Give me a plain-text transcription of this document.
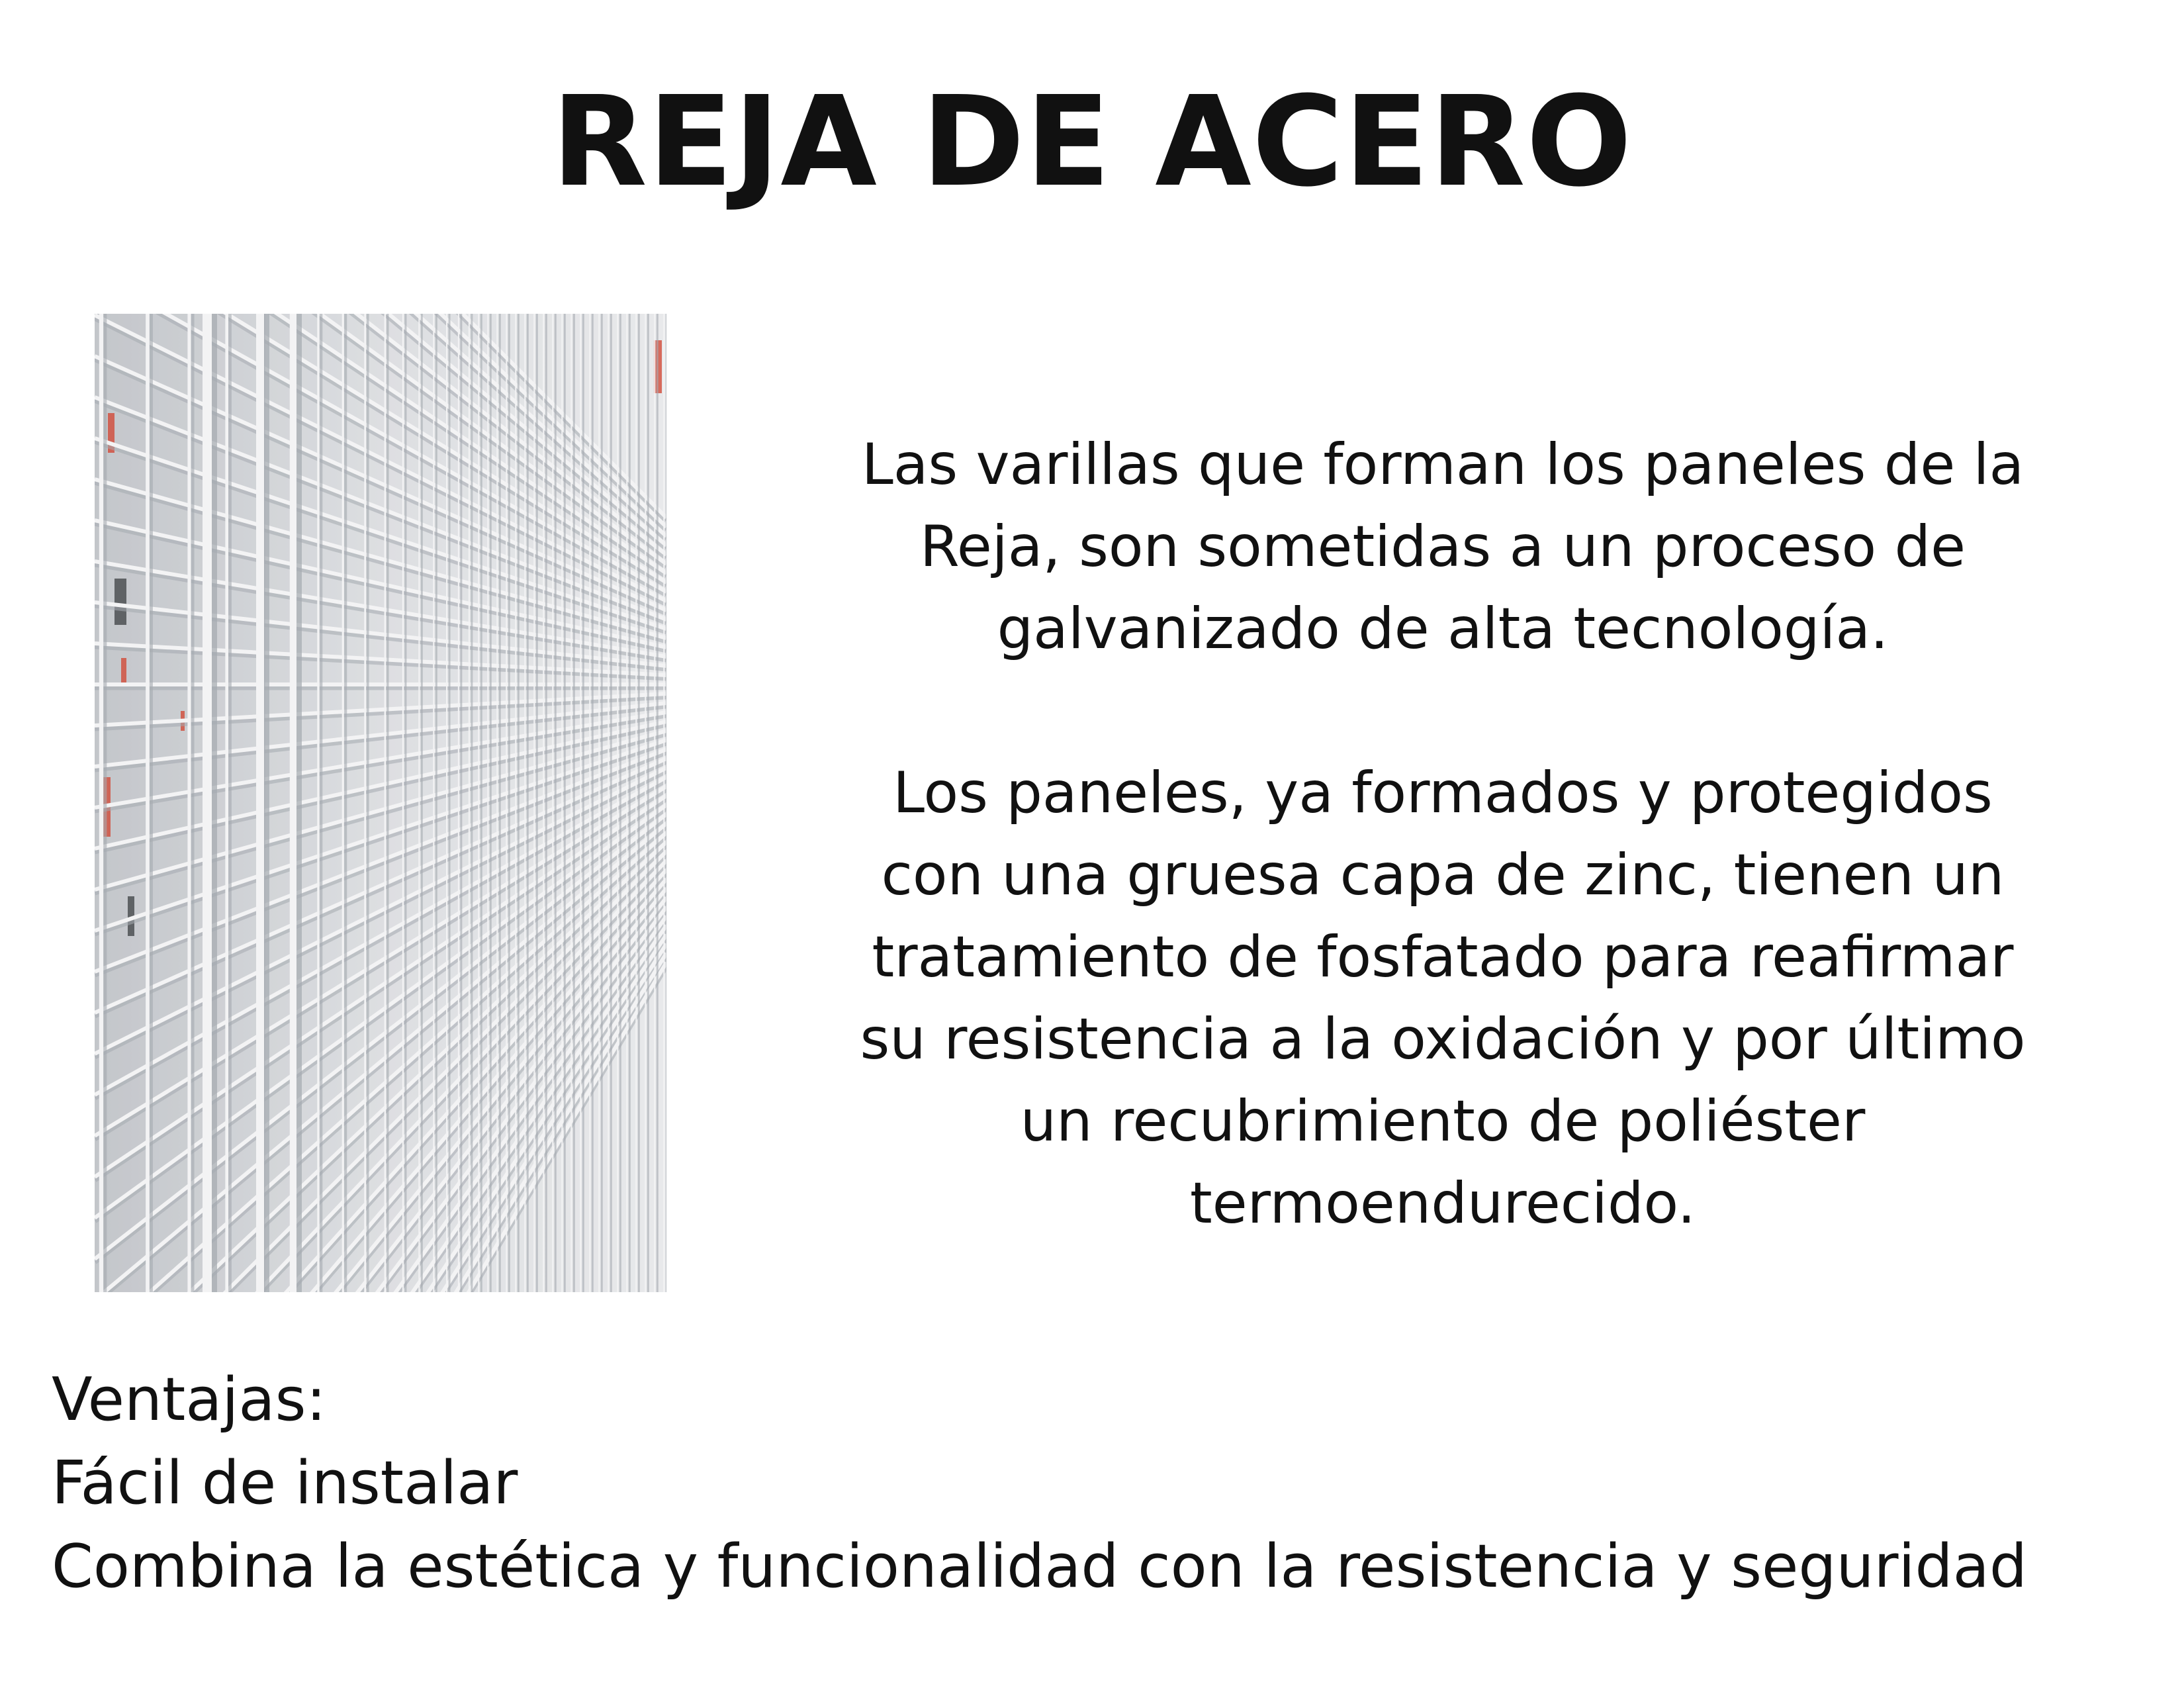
REJA DE ACERO

Las varillas que forman los paneles de la
Reja, son sometidas a un proceso de
galvanizado de alta tecnología.

Los paneles, ya formados y protegidos
con una gruesa capa de zinc, tienen un
tratamiento de fosfatado para reafirmar
su resistencia a la oxidación y por último
un recubrimiento de poliéster
termoendurecido.

Ventajas:
Fácil de instalar
Combina la estética y funcionalidad con la resistencia y seguridad
